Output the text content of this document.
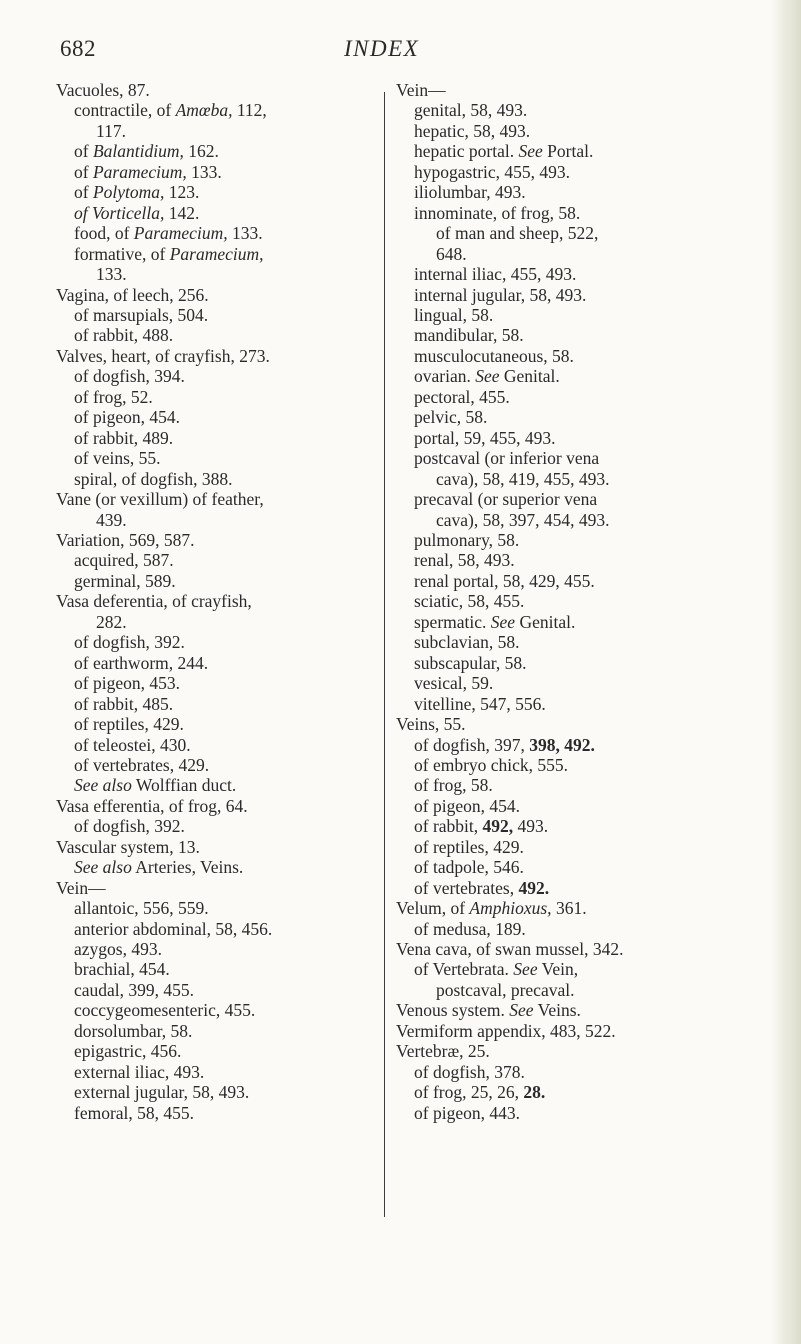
682	INDEX
Vacuoles, 87.
contractile, of Amœba, 112,
117.
of Balantidium, 162.
of Paramecium, 133.
of Polytoma, 123.
of Vorticella, 142.
food, of Paramecium, 133.
formative, of Paramecium,
133.
Vagina, of leech, 256.
of marsupials, 504.
of rabbit, 488.
Valves, heart, of crayfish, 273.
of dogfish, 394.
of frog, 52.
of pigeon, 454.
of rabbit, 489.
of veins, 55.
spiral, of dogfish, 388.
Vane (or vexillum) of feather,
439.
Variation, 569, 587.
acquired, 587.
germinal, 589.
Vasa deferentia, of crayfish,
282.
of dogfish, 392.
of earthworm, 244.
of pigeon, 453.
of rabbit, 485.
of reptiles, 429.
of teleostei, 430.
of vertebrates, 429.
See also Wolffian duct.
Vasa efferentia, of frog, 64.
of dogfish, 392.
Vascular system, 13.
See also Arteries, Veins.
Vein—
allantoic, 556, 559.
anterior abdominal, 58, 456.
azygos, 493.
brachial, 454.
caudal, 399, 455.
coccygeomesenteric, 455.
dorsolumbar, 58.
epigastric, 456.
external iliac, 493.
external jugular, 58, 493.
femoral, 58, 455.
Vein—
genital, 58, 493.
hepatic, 58, 493.
hepatic portal. See Portal.
hypogastric, 455, 493.
iliolumbar, 493.
innominate, of frog, 58.
of man and sheep, 522,
648.
internal iliac, 455, 493.
internal jugular, 58, 493.
lingual, 58.
mandibular, 58.
musculocutaneous, 58.
ovarian. See Genital.
pectoral, 455.
pelvic, 58.
portal, 59, 455, 493.
postcaval (or inferior vena
cava), 58, 419, 455, 493.
precaval (or superior vena
cava), 58, 397, 454, 493.
pulmonary, 58.
renal, 58, 493.
renal portal, 58, 429, 455.
sciatic, 58, 455.
spermatic. See Genital.
subclavian, 58.
subscapular, 58.
vesical, 59.
vitelline, 547, 556.
Veins, 55.
of dogfish, 397, 398, 492.
of embryo chick, 555.
of frog, 58.
of pigeon, 454.
of rabbit, 492, 493.
of reptiles, 429.
of tadpole, 546.
of vertebrates, 492.
Velum, of Amphioxus, 361.
of medusa, 189.
Vena cava, of swan mussel, 342.
of Vertebrata. See Vein,
postcaval, precaval.
Venous system. See Veins.
Vermiform appendix, 483, 522.
Vertebræ, 25.
of dogfish, 378.
of frog, 25, 26, 28.
of pigeon, 443.
